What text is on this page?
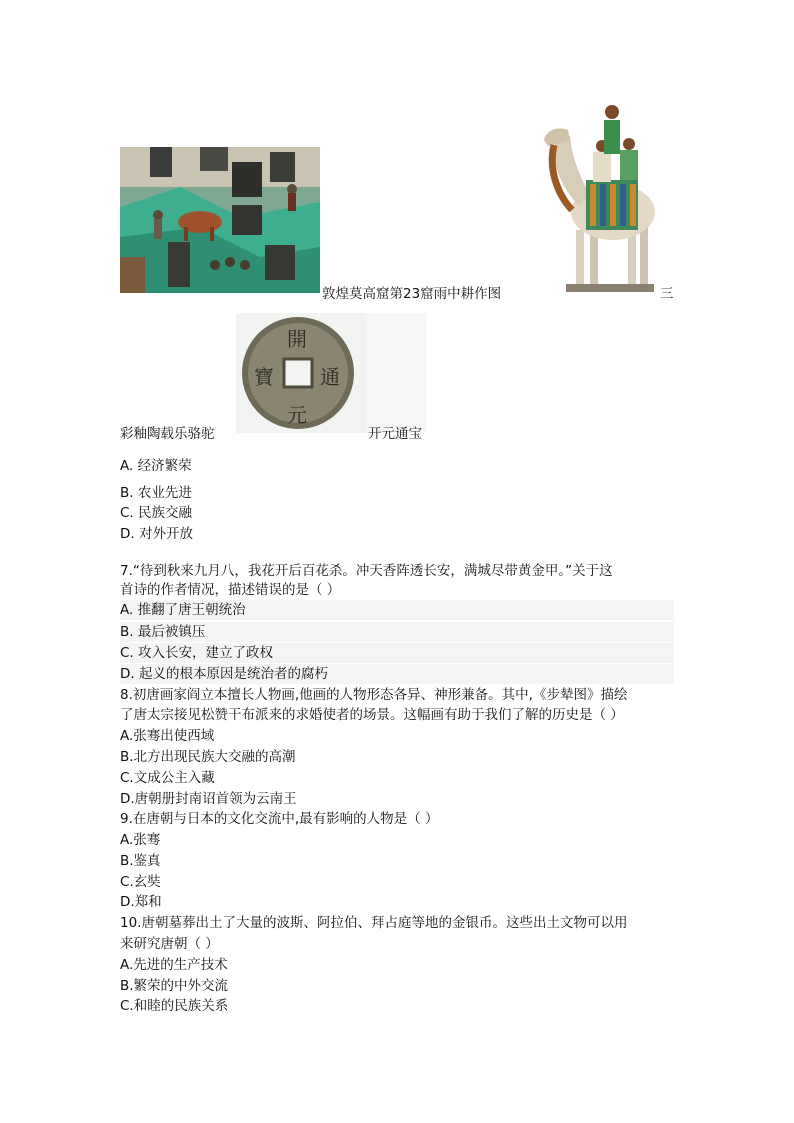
敦煌莫高窟第23窟雨中耕作图	三
開
元
通
寶
彩釉陶载乐骆驼	开元通宝
A. 经济繁荣
B. 农业先进
C. 民族交融
D. 对外开放
7.“待到秋来九月八，我花开后百花杀。冲天香阵透长安，满城尽带黄金甲。”关于这
首诗的作者情况，描述错误的是（ ）
A. 推翻了唐王朝统治
B. 最后被镇压
C. 攻入长安，建立了政权
D. 起义的根本原因是统治者的腐朽
8.初唐画家阎立本擅长人物画,他画的人物形态各异、神形兼备。其中,《步辇图》描绘
了唐太宗接见松赞干布派来的求婚使者的场景。这幅画有助于我们了解的历史是（ ）
A.张骞出使西域
B.北方出现民族大交融的高潮
C.文成公主入藏
D.唐朝册封南诏首领为云南王
9.在唐朝与日本的文化交流中,最有影响的人物是（ ）
A.张骞
B.鉴真
C.玄奘
D.郑和
10.唐朝墓葬出土了大量的波斯、阿拉伯、拜占庭等地的金银币。这些出土文物可以用
来研究唐朝（ ）
A.先进的生产技术
B.繁荣的中外交流
C.和睦的民族关系
